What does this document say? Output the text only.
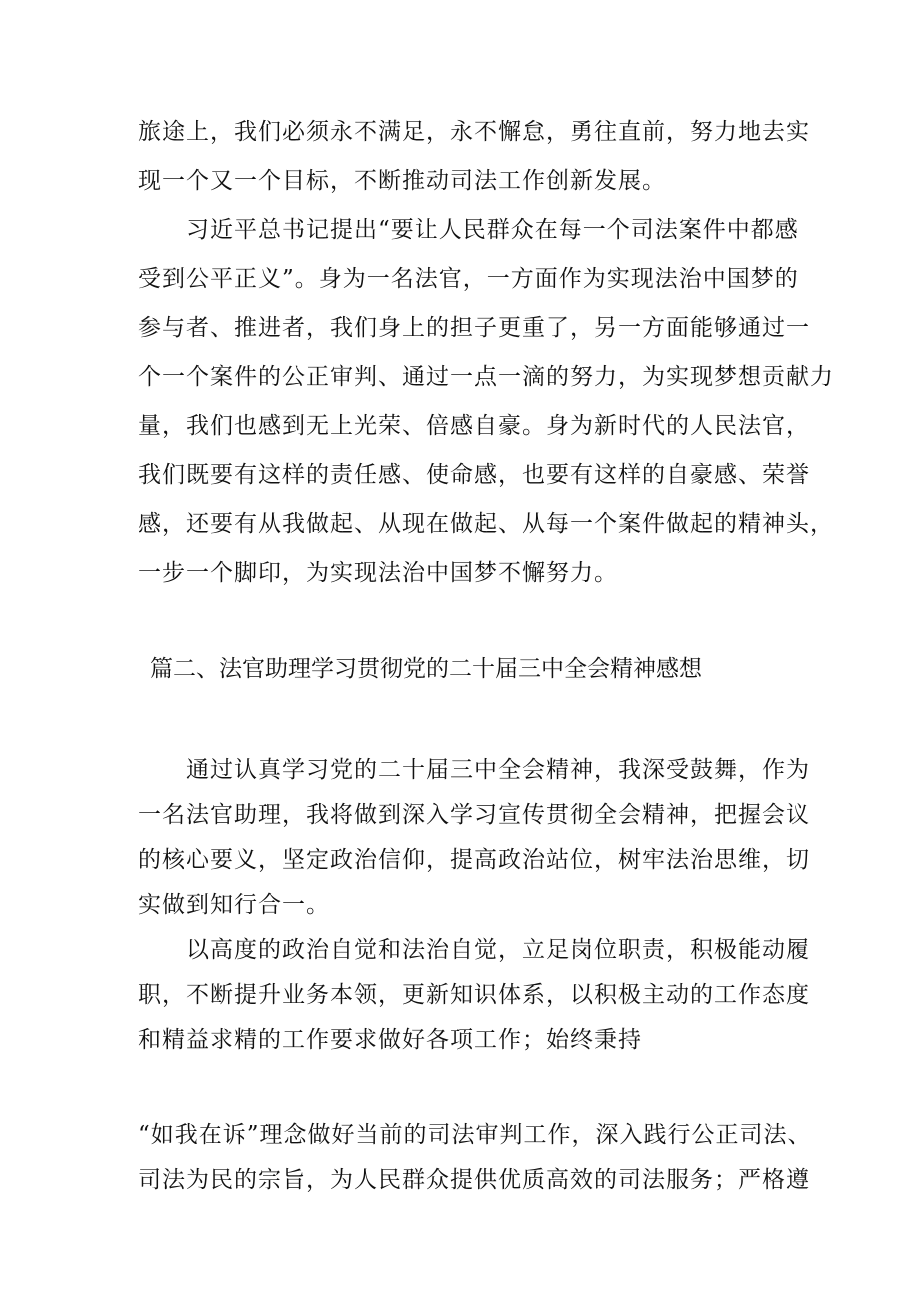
旅途上，我们必须永不满足，永不懈怠，勇往直前，努力地去实
现一个又一个目标，不断推动司法工作创新发展。
习近平总书记提出“要让人民群众在每一个司法案件中都感
受到公平正义”。身为一名法官，一方面作为实现法治中国梦的
参与者、推进者，我们身上的担子更重了，另一方面能够通过一
个一个案件的公正审判、通过一点一滴的努力，为实现梦想贡献力
量，我们也感到无上光荣、倍感自豪。身为新时代的人民法官，
我们既要有这样的责任感、使命感，也要有这样的自豪感、荣誉
感，还要有从我做起、从现在做起、从每一个案件做起的精神头，
一步一个脚印，为实现法治中国梦不懈努力。
篇二、法官助理学习贯彻党的二十届三中全会精神感想
通过认真学习党的二十届三中全会精神，我深受鼓舞，作为
一名法官助理，我将做到深入学习宣传贯彻全会精神，把握会议
的核心要义，坚定政治信仰，提高政治站位，树牢法治思维，切
实做到知行合一。
以高度的政治自觉和法治自觉，立足岗位职责，积极能动履
职，不断提升业务本领，更新知识体系，以积极主动的工作态度
和精益求精的工作要求做好各项工作；始终秉持
“如我在诉”理念做好当前的司法审判工作，深入践行公正司法、
司法为民的宗旨，为人民群众提供优质高效的司法服务；严格遵
